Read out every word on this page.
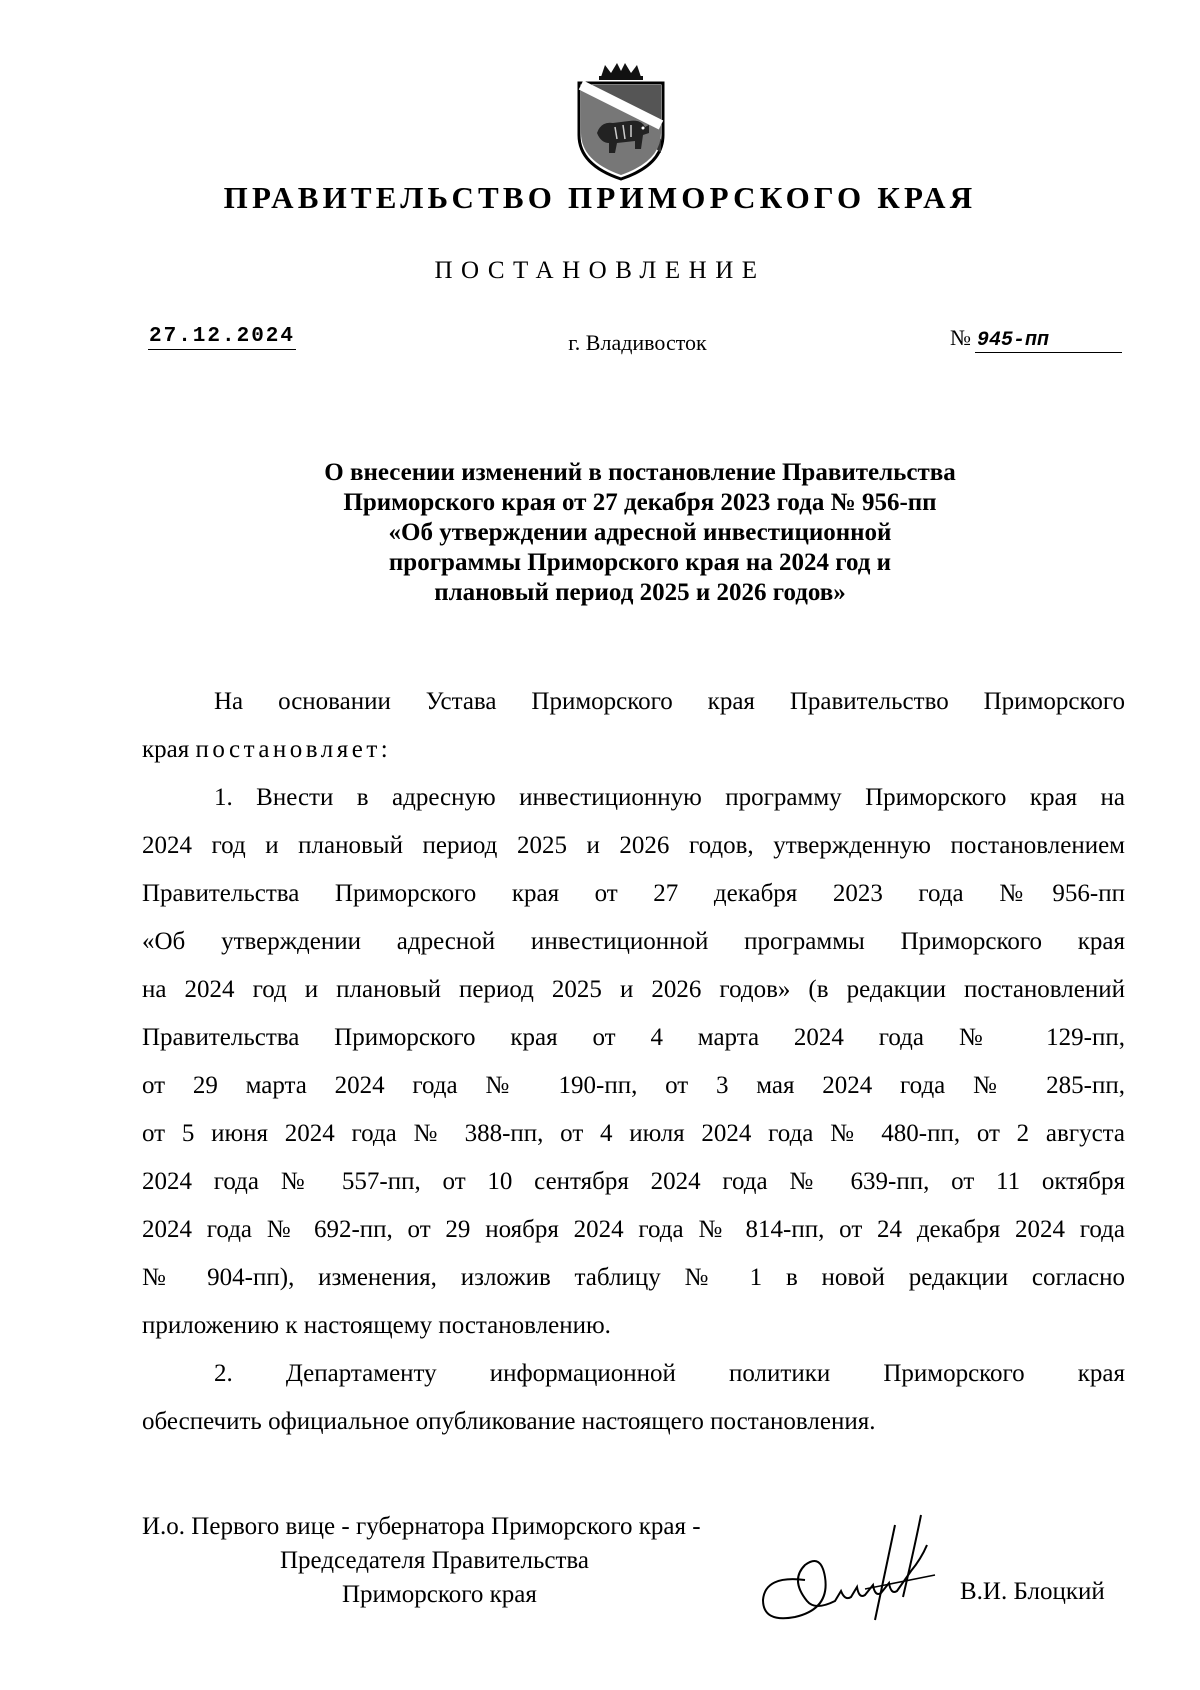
ПРАВИТЕЛЬСТВО ПРИМОРСКОГО КРАЯ
ПОСТАНОВЛЕНИЕ
27.12.2024	г. Владивосток	№ 945-пп
О внесении изменений в постановление Правительства
Приморского края от 27 декабря 2023 года № 956-пп
«Об утверждении адресной инвестиционной
программы Приморского края на 2024 год и
плановый период 2025 и 2026 годов»
На основании Устава Приморского края Правительство Приморского
края постановляет:
1. Внести в адресную инвестиционную программу Приморского края на
2024 год и плановый период 2025 и 2026 годов, утвержденную постановлением
Правительства Приморского края от 27 декабря 2023 года №956-пп
«Об утверждении адресной инвестиционной программы Приморского края
на 2024 год и плановый период 2025 и 2026 годов» (в редакции постановлений
Правительства Приморского края от 4 марта 2024 года № 129-пп,
от 29 марта 2024 года № 190-пп, от 3 мая 2024 года № 285-пп,
от 5 июня 2024 года № 388-пп, от 4 июля 2024 года № 480-пп, от 2 августа
2024 года № 557-пп, от 10 сентября 2024 года № 639-пп, от 11 октября
2024 года № 692-пп, от 29 ноября 2024 года № 814-пп, от 24 декабря 2024 года
№ 904-пп), изменения, изложив таблицу № 1 в новой редакции согласно
приложению к настоящему постановлению.
2. Департаменту информационной политики Приморского края
обеспечить официальное опубликование настоящего постановления.
И.о. Первого вице - губернатора Приморского края -
Председателя Правительства
Приморского края	В.И. Блоцкий
